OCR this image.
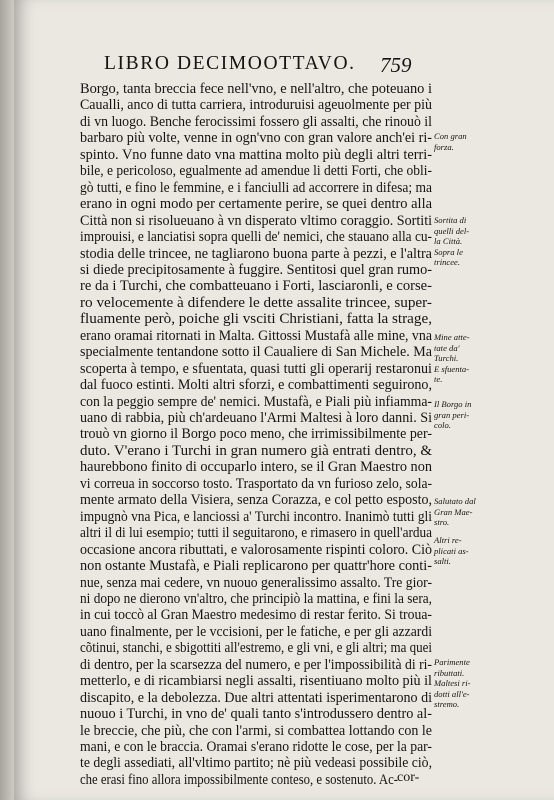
LIBRO DECIMOOTTAVO.	759
Borgo, tanta breccia fece nell'vno, e nell'altro, che poteuano i
Caualli, anco di tutta carriera, introduruisi ageuolmente per più
di vn luogo. Benche ferocissimi fossero gli assalti, che rinouò il
barbaro più volte, venne in ogn'vno con gran valore anch'ei ri-
spinto. Vno funne dato vna mattina molto più degli altri terri-
bile, e pericoloso, egualmente ad amendue li detti Forti, che obli-
gò tutti, e fino le femmine, e i fanciulli ad accorrere in difesa; ma
erano in ogni modo per certamente perire, se quei dentro alla
Città non si risolueuano à vn disperato vltimo coraggio. Sortiti
improuisi, e lanciatisi sopra quelli de' nemici, che stauano alla cu-
stodia delle trincee, ne tagliarono buona parte à pezzi, e l'altra
si diede precipitosamente à fuggire. Sentitosi quel gran rumo-
re da i Turchi, che combatteuano i Forti, lasciaronli, e corse-
ro velocemente à difendere le dette assalite trincee, super-
fluamente però, poiche gli vsciti Christiani, fatta la strage,
erano oramai ritornati in Malta. Gittossi Mustafà alle mine, vna
specialmente tentandone sotto il Caualiere di San Michele. Ma
scoperta à tempo, e sfuentata, quasi tutti gli operarij restaronui
dal fuoco estinti. Molti altri sforzi, e combattimenti seguirono,
con la peggio sempre de' nemici. Mustafà, e Piali più infiamma-
uano di rabbia, più ch'ardeuano l'Armi Maltesi à loro danni. Si
trouò vn giorno il Borgo poco meno, che irrimissibilmente per-
duto. V'erano i Turchi in gran numero già entrati dentro, &
haurebbono finito di occuparlo intero, se il Gran Maestro non
vi correua in soccorso tosto. Trasportato da vn furioso zelo, sola-
mente armato della Visiera, senza Corazza, e col petto esposto,
impugnò vna Pica, e lanciossi a' Turchi incontro. Inanimò tutti gli
altri il di lui esempio; tutti il seguitarono, e rimasero in quell'ardua
occasione ancora ributtati, e valorosamente rispinti coloro. Ciò
non ostante Mustafà, e Piali replicarono per quattr'hore conti-
nue, senza mai cedere, vn nuouo generalissimo assalto. Tre gior-
ni dopo ne dierono vn'altro, che principiò la mattina, e fini la sera,
in cui toccò al Gran Maestro medesimo di restar ferito. Si troua-
uano finalmente, per le vccisioni, per le fatiche, e per gli azzardi
cõtinui, stanchi, e sbigottiti all'estremo, e gli vni, e gli altri; ma quei
di dentro, per la scarsezza del numero, e per l'impossibilità di ri-
metterlo, e di ricambiarsi negli assalti, risentiuano molto più il
discapito, e la debolezza. Due altri attentati isperimentarono di
nuouo i Turchi, in vno de' quali tanto s'introdussero dentro al-
le breccie, che più, che con l'armi, si combattea lottando con le
mani, e con le braccia. Oramai s'erano ridotte le cose, per la par-
te degli assediati, all'vltimo partito; nè più vedeasi possibile ciò,
che erasi fino allora impossibilmente conteso, e sostenuto. Ac-
Con gran
forza.
Sortita di
quelli del-
la Città.
Sopra le
trincee.
Mine atte-
tate da'
Turchi.
E sfuenta-
te.
Il Borgo in
gran peri-
colo.
Salutato dal
Gran Mae-
stro.
Altri re-
plicati as-
salti.
Parimente
ributtati.
Maltesi ri-
dotti all'e-
stremo.
cor-
